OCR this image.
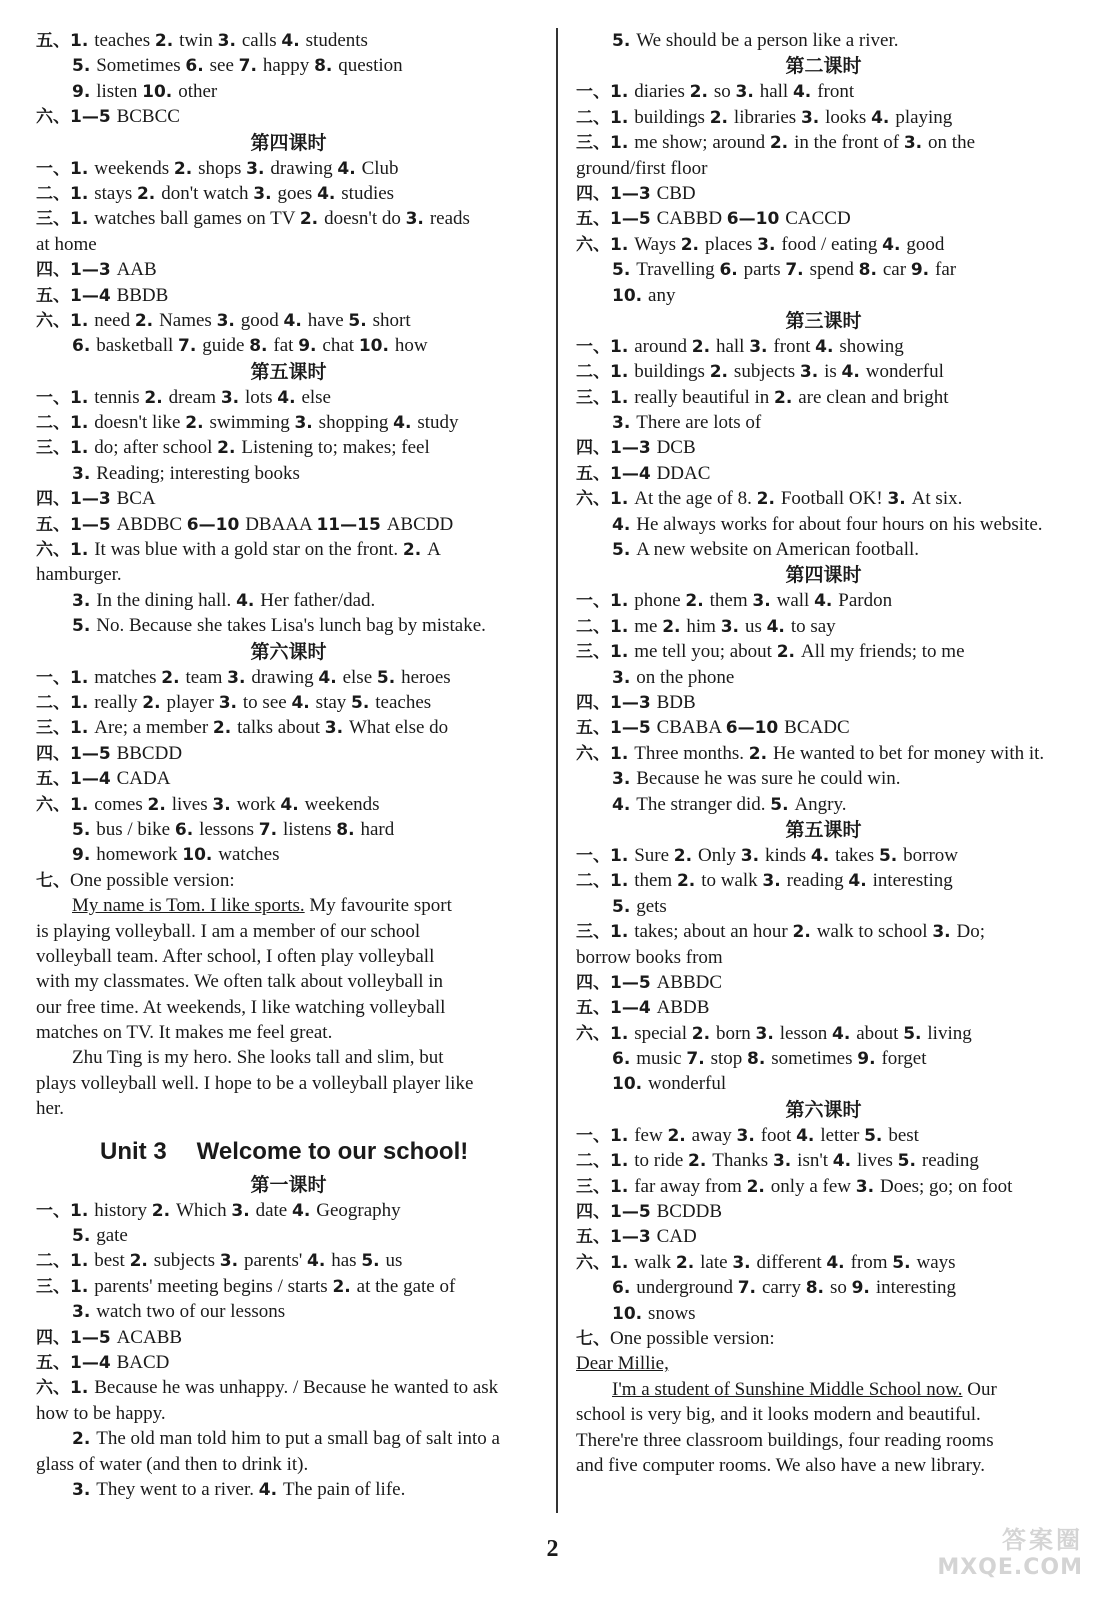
五、1. teaches 2. twin 3. calls 4. students
5. Sometimes 6. see 7. happy 8. question
9. listen 10. other
六、1—5 BCBCC
第四课时
一、1. weekends 2. shops 3. drawing 4. Club
二、1. stays 2. don't watch 3. goes 4. studies
三、1. watches ball games on TV 2. doesn't do 3. reads
at home
四、1—3 AAB
五、1—4 BBDB
六、1. need 2. Names 3. good 4. have 5. short
6. basketball 7. guide 8. fat 9. chat 10. how
第五课时
一、1. tennis 2. dream 3. lots 4. else
二、1. doesn't like 2. swimming 3. shopping 4. study
三、1. do; after school 2. Listening to; makes; feel
3. Reading; interesting books
四、1—3 BCA
五、1—5 ABDBC 6—10 DBAAA 11—15 ABCDD
六、1. It was blue with a gold star on the front. 2. A
hamburger.
3. In the dining hall. 4. Her father/dad.
5. No. Because she takes Lisa's lunch bag by mistake.
第六课时
一、1. matches 2. team 3. drawing 4. else 5. heroes
二、1. really 2. player 3. to see 4. stay 5. teaches
三、1. Are; a member 2. talks about 3. What else do
四、1—5 BBCDD
五、1—4 CADA
六、1. comes 2. lives 3. work 4. weekends
5. bus / bike 6. lessons 7. listens 8. hard
9. homework 10. watches
七、One possible version:
My name is Tom. I like sports. My favourite sport
is playing volleyball. I am a member of our school
volleyball team. After school, I often play volleyball
with my classmates. We often talk about volleyball in
our free time. At weekends, I like watching volleyball
matches on TV. It makes me feel great.
Zhu Ting is my hero. She looks tall and slim, but
plays volleyball well. I hope to be a volleyball player like
her.
Unit 3 Welcome to our school!
第一课时
一、1. history 2. Which 3. date 4. Geography
5. gate
二、1. best 2. subjects 3. parents' 4. has 5. us
三、1. parents' meeting begins / starts 2. at the gate of
3. watch two of our lessons
四、1—5 ACABB
五、1—4 BACD
六、1. Because he was unhappy. / Because he wanted to ask
how to be happy.
2. The old man told him to put a small bag of salt into a
glass of water (and then to drink it).
3. They went to a river. 4. The pain of life.
5. We should be a person like a river.
第二课时
一、1. diaries 2. so 3. hall 4. front
二、1. buildings 2. libraries 3. looks 4. playing
三、1. me show; around 2. in the front of 3. on the
ground/first floor
四、1—3 CBD
五、1—5 CABBD 6—10 CACCD
六、1. Ways 2. places 3. food / eating 4. good
5. Travelling 6. parts 7. spend 8. car 9. far
10. any
第三课时
一、1. around 2. hall 3. front 4. showing
二、1. buildings 2. subjects 3. is 4. wonderful
三、1. really beautiful in 2. are clean and bright
3. There are lots of
四、1—3 DCB
五、1—4 DDAC
六、1. At the age of 8. 2. Football OK! 3. At six.
4. He always works for about four hours on his website.
5. A new website on American football.
第四课时
一、1. phone 2. them 3. wall 4. Pardon
二、1. me 2. him 3. us 4. to say
三、1. me tell you; about 2. All my friends; to me
3. on the phone
四、1—3 BDB
五、1—5 CBABA 6—10 BCADC
六、1. Three months. 2. He wanted to bet for money with it.
3. Because he was sure he could win.
4. The stranger did. 5. Angry.
第五课时
一、1. Sure 2. Only 3. kinds 4. takes 5. borrow
二、1. them 2. to walk 3. reading 4. interesting
5. gets
三、1. takes; about an hour 2. walk to school 3. Do;
borrow books from
四、1—5 ABBDC
五、1—4 ABDB
六、1. special 2. born 3. lesson 4. about 5. living
6. music 7. stop 8. sometimes 9. forget
10. wonderful
第六课时
一、1. few 2. away 3. foot 4. letter 5. best
二、1. to ride 2. Thanks 3. isn't 4. lives 5. reading
三、1. far away from 2. only a few 3. Does; go; on foot
四、1—5 BCDDB
五、1—3 CAD
六、1. walk 2. late 3. different 4. from 5. ways
6. underground 7. carry 8. so 9. interesting
10. snows
七、One possible version:
Dear Millie,
I'm a student of Sunshine Middle School now. Our
school is very big, and it looks modern and beautiful.
There're three classroom buildings, four reading rooms
and five computer rooms. We also have a new library.
2	答案圈
MXQE.COM
